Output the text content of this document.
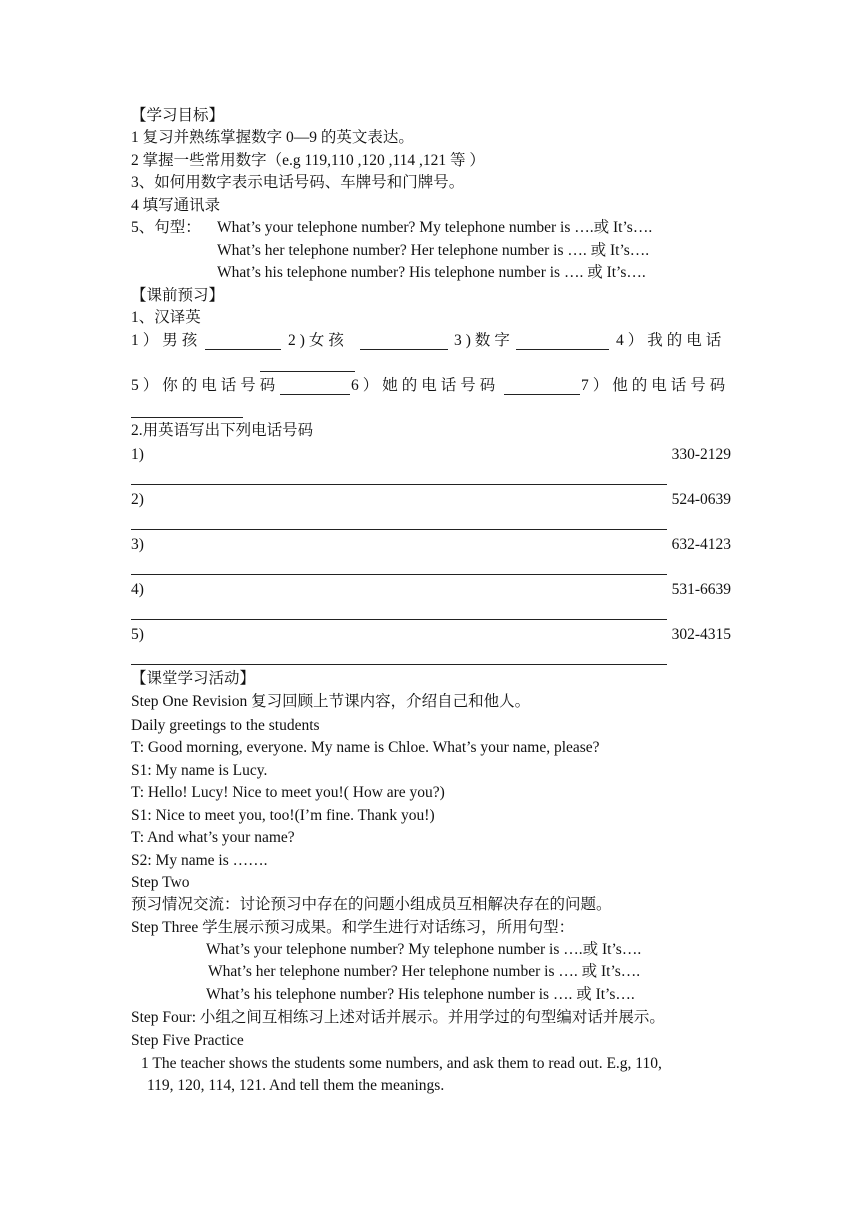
【学习目标】
1 复习并熟练掌握数字 0—9 的英文表达。
2 掌握一些常用数字（e.g 119,110 ,120 ,114 ,121 等 ）
3、如何用数字表示电话号码、车牌号和门牌号。
4 填写通讯录
5、句型： What’s your telephone number? My telephone number is ….或 It’s….
What’s her telephone number? Her telephone number is …. 或 It’s….
What’s his telephone number? His telephone number is …. 或 It’s….
【课前预习】
1、汉译英
1）男孩	2)女孩	3)数字	4）我的电话
5）你的电话号码	6）她的电话号码	7）他的电话号码
2.用英语写出下列电话号码
1)	330-2129
2)	524-0639
3)	632-4123
4)	531-6639
5)	302-4315
【课堂学习活动】
Step One Revision 复习回顾上节课内容，介绍自己和他人。
Daily greetings to the students
T: Good morning, everyone. My name is Chloe. What’s your name, please?
S1: My name is Lucy.
T: Hello! Lucy! Nice to meet you!( How are you?)
S1: Nice to meet you, too!(I’m fine. Thank you!)
T: And what’s your name?
S2: My name is …….
Step Two
预习情况交流：讨论预习中存在的问题小组成员互相解决存在的问题。
Step Three 学生展示预习成果。和学生进行对话练习，所用句型：
What’s your telephone number? My telephone number is ….或 It’s….
What’s her telephone number? Her telephone number is …. 或 It’s….
What’s his telephone number? His telephone number is …. 或 It’s….
Step Four: 小组之间互相练习上述对话并展示。并用学过的句型编对话并展示。
Step Five Practice
1 The teacher shows the students some numbers, and ask them to read out. E.g, 110,
119, 120, 114, 121. And tell them the meanings.
